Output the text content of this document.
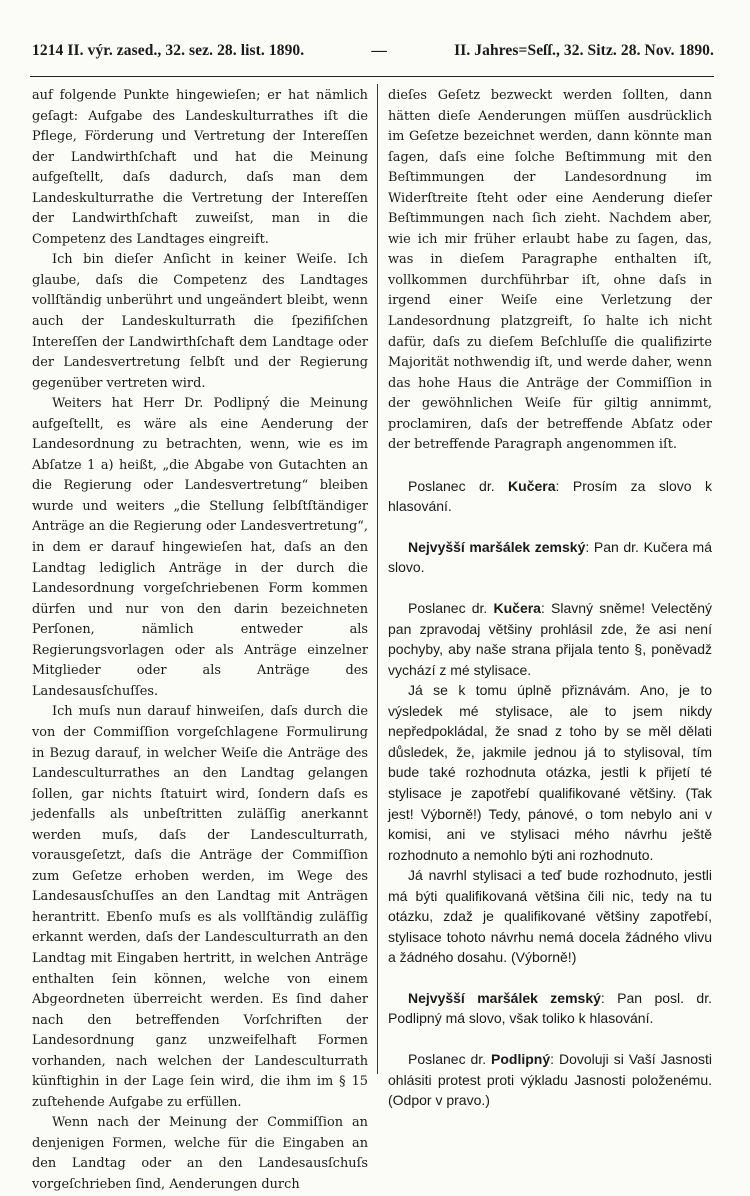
1214 II. výr. zased., 32. sez. 28. list. 1890.	—	II. Jahres=Seſſ., 32. Sitz. 28. Nov. 1890.

auf folgende Punkte hingewieſen; er hat nämlich geſagt: Aufgabe des Landeskulturrathes iſt die Pflege, Förderung und Vertretung der Intereſſen der Landwirthſchaft und hat die Meinung aufgeſtellt, daſs dadurch, daſs man dem Landeskulturrathe die Vertretung der Intereſſen der Landwirthſchaft zuweiſst, man in die Competenz des Landtages eingreift.

Ich bin dieſer Anſicht in keiner Weiſe. Ich glaube, daſs die Competenz des Landtages vollſtändig unberührt und ungeändert bleibt, wenn auch der Landeskulturrath die ſpezifiſchen Intereſſen der Landwirthſchaft dem Landtage oder der Landesvertretung ſelbſt und der Regierung gegenüber vertreten wird.

Weiters hat Herr Dr. Podlipný die Meinung aufgeſtellt, es wäre als eine Aenderung der Landesordnung zu betrachten, wenn, wie es im Abſatze 1 a) heißt, „die Abgabe von Gutachten an die Regierung oder Landesvertretung“ bleiben wurde und weiters „die Stellung ſelbſtſtändiger Anträge an die Regierung oder Landesvertretung“, in dem er darauf hingewieſen hat, daſs an den Landtag lediglich Anträge in der durch die Landesordnung vorgeſchriebenen Form kommen dürfen und nur von den darin bezeichneten Perſonen, nämlich entweder als Regierungsvorlagen oder als Anträge einzelner Mitglieder oder als Anträge des Landesausſchuſſes.

Ich muſs nun darauf hinweiſen, daſs durch die von der Commiſſion vorgeſchlagene Formulirung in Bezug darauf, in welcher Weiſe die Anträge des Landesculturrathes an den Landtag gelangen ſollen, gar nichts ſtatuirt wird, ſondern daſs es jedenfalls als unbeſtritten zuläſſig anerkannt werden muſs, daſs der Landesculturrath, vorausgeſetzt, daſs die Anträge der Commiſſion zum Geſetze erhoben werden, im Wege des Landesausſchuſſes an den Landtag mit Anträgen herantritt. Ebenſo muſs es als vollſtändig zuläſſig erkannt werden, daſs der Landesculturrath an den Landtag mit Eingaben hertritt, in welchen Anträge enthalten ſein können, welche von einem Abgeordneten überreicht werden. Es ſind daher nach den betreffenden Vorſchriften der Landesordnung ganz unzweifelhaft Formen vorhanden, nach welchen der Landesculturrath künftighin in der Lage ſein wird, die ihm im § 15 zuſtehende Aufgabe zu erfüllen.

Wenn nach der Meinung der Commiſſion an denjenigen Formen, welche für die Eingaben an den Landtag oder an den Landesausſchuſs vorgeſchrieben ſind, Aenderungen durch

dieſes Geſetz bezweckt werden ſollten, dann hätten dieſe Aenderungen müſſen ausdrücklich im Geſetze bezeichnet werden, dann könnte man ſagen, daſs eine ſolche Beſtimmung mit den Beſtimmungen der Landesordnung im Widerſtreite ſteht oder eine Aenderung dieſer Beſtimmungen nach ſich zieht. Nachdem aber, wie ich mir früher erlaubt habe zu ſagen, das, was in dieſem Paragraphe enthalten iſt, vollkommen durchführbar iſt, ohne daſs in irgend einer Weiſe eine Verletzung der Landesordnung platzgreift, ſo halte ich nicht dafür, daſs zu dieſem Beſchluſſe die qualifizirte Majorität nothwendig iſt, und werde daher, wenn das hohe Haus die Anträge der Commiſſion in der gewöhnlichen Weiſe für giltig annimmt, proclamiren, daſs der betreffende Abſatz oder der betreffende Paragraph angenommen iſt.

Poslanec dr. Kučera: Prosím za slovo k hlasování.

Nejvyšší maršálek zemský: Pan dr. Kučera má slovo.

Poslanec dr. Kučera: Slavný sněme! Velectěný pan zpravodaj většiny prohlásil zde, že asi není pochyby, aby naše strana přijala tento §, poněvadž vychází z mé stylisace.

Já se k tomu úplně přiznávám. Ano, je to výsledek mé stylisace, ale to jsem nikdy nepředpokládal, že snad z toho by se měl dělati důsledek, že, jakmile jednou já to stylisoval, tím bude také rozhodnuta otázka, jestli k přijetí té stylisace je zapotřebí qualifikované většiny. (Tak jest! Výborně!) Tedy, pánové, o tom nebylo ani v komisi, ani ve stylisaci mého návrhu ještě rozhodnuto a nemohlo býti ani rozhodnuto.

Já navrhl stylisaci a teď bude rozhodnuto, jestli má býti qualifikovaná většina čili nic, tedy na tu otázku, zdaž je qualifikované většiny zapotřebí, stylisace tohoto návrhu nemá docela žádného vlivu a žádného dosahu. (Výborně!)

Nejvyšší maršálek zemský: Pan posl. dr. Podlipný má slovo, však toliko k hlasování.

Poslanec dr. Podlipný: Dovoluji si Vaší Jasnosti ohlásiti protest proti výkladu Jasnosti položenému. (Odpor v pravo.)
